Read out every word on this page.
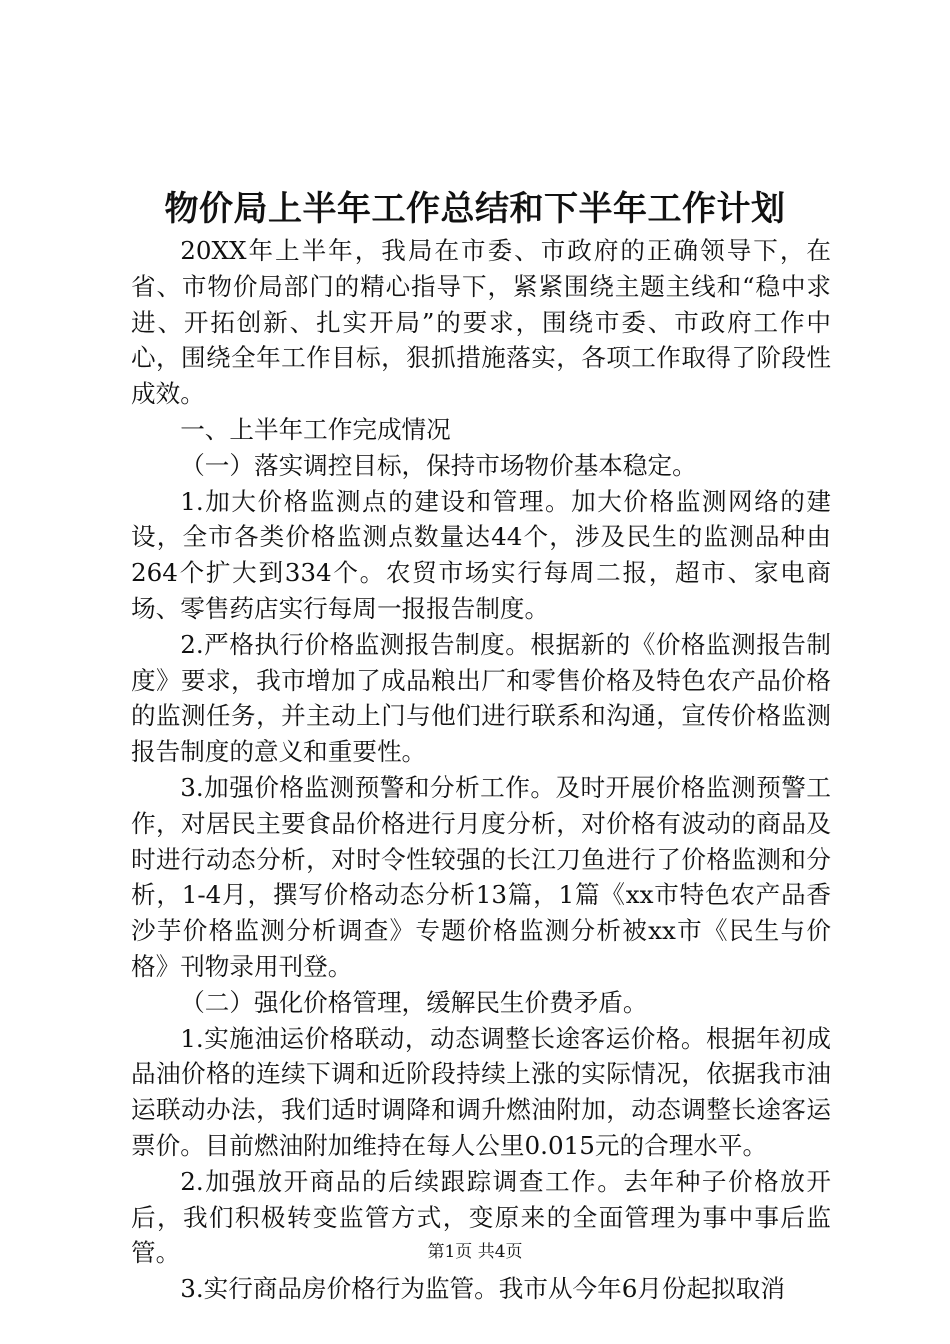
物价局上半年工作总结和下半年工作计划

20XX年上半年，我局在市委、市政府的正确领导下，在省、市物价局部门的精心指导下，紧紧围绕主题主线和“稳中求进、开拓创新、扎实开局”的要求，围绕市委、市政府工作中心，围绕全年工作目标，狠抓措施落实，各项工作取得了阶段性成效。

一、上半年工作完成情况

（一）落实调控目标，保持市场物价基本稳定。

1.加大价格监测点的建设和管理。加大价格监测网络的建设，全市各类价格监测点数量达44个，涉及民生的监测品种由264个扩大到334个。农贸市场实行每周二报，超市、家电商场、零售药店实行每周一报报告制度。

2.严格执行价格监测报告制度。根据新的《价格监测报告制度》要求，我市增加了成品粮出厂和零售价格及特色农产品价格的监测任务，并主动上门与他们进行联系和沟通，宣传价格监测报告制度的意义和重要性。

3.加强价格监测预警和分析工作。及时开展价格监测预警工作，对居民主要食品价格进行月度分析，对价格有波动的商品及时进行动态分析，对时令性较强的长江刀鱼进行了价格监测和分析，1-4月，撰写价格动态分析13篇，1篇《xx市特色农产品香沙芋价格监测分析调查》专题价格监测分析被xx市《民生与价格》刊物录用刊登。

（二）强化价格管理，缓解民生价费矛盾。

1.实施油运价格联动，动态调整长途客运价格。根据年初成品油价格的连续下调和近阶段持续上涨的实际情况，依据我市油运联动办法，我们适时调降和调升燃油附加，动态调整长途客运票价。目前燃油附加维持在每人公里0.015元的合理水平。

2.加强放开商品的后续跟踪调查工作。去年种子价格放开后，我们积极转变监管方式，变原来的全面管理为事中事后监管。

3.实行商品房价格行为监管。我市从今年6月份起拟取消

第1页 共4页
